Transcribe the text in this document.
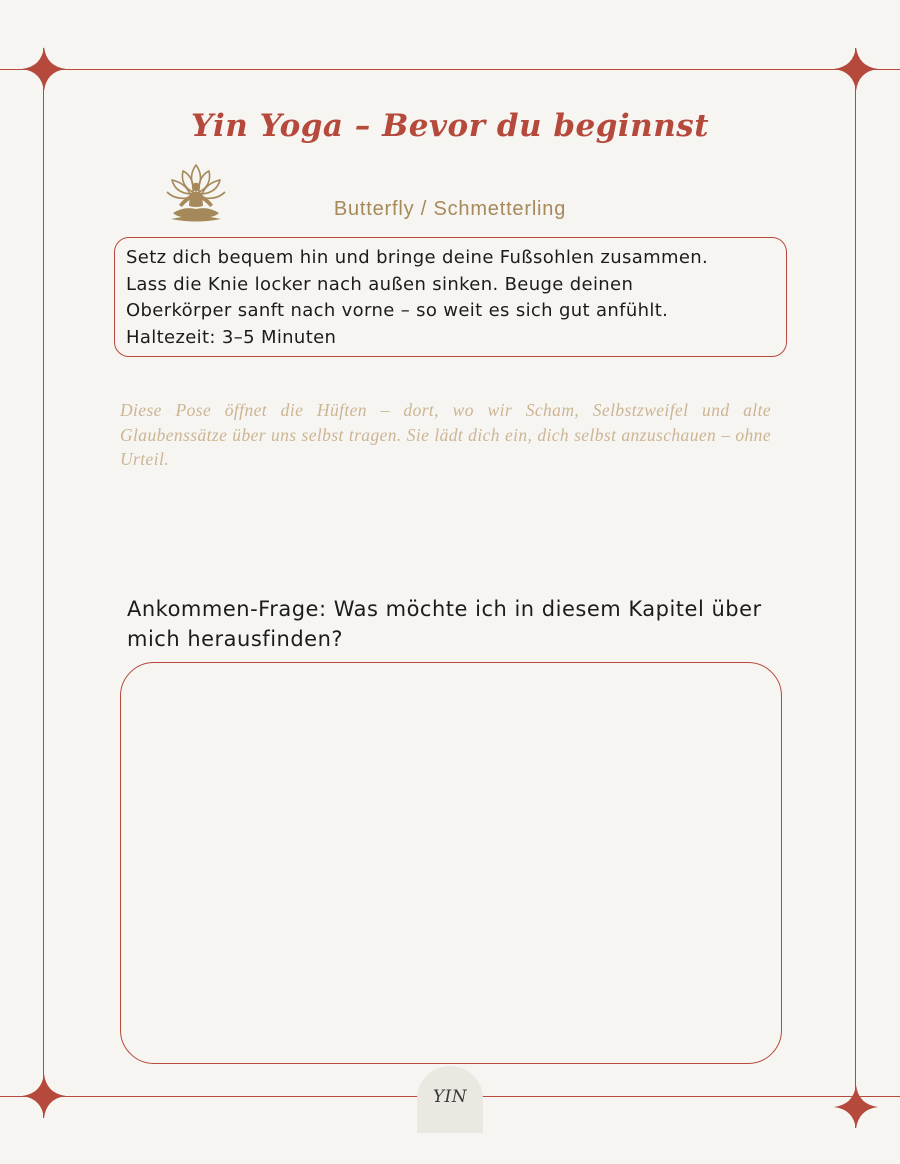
Yin Yoga – Bevor du beginnst
Butterfly / Schmetterling

Setz dich bequem hin und bringe deine Fußsohlen zusammen.

Lass die Knie locker nach außen sinken. Beuge deinen

Oberkörper sanft nach vorne – so weit es sich gut anfühlt.

Haltezeit: 3–5 Minuten

Diese Pose öffnet die Hüften – dort, wo wir Scham, Selbstzweifel und alte Glaubenssätze über uns selbst tragen. Sie lädt dich ein, dich selbst anzuschauen – ohne Urteil.

Ankommen-Frage: Was möchte ich in diesem Kapitel über mich herausfinden?

YIN
